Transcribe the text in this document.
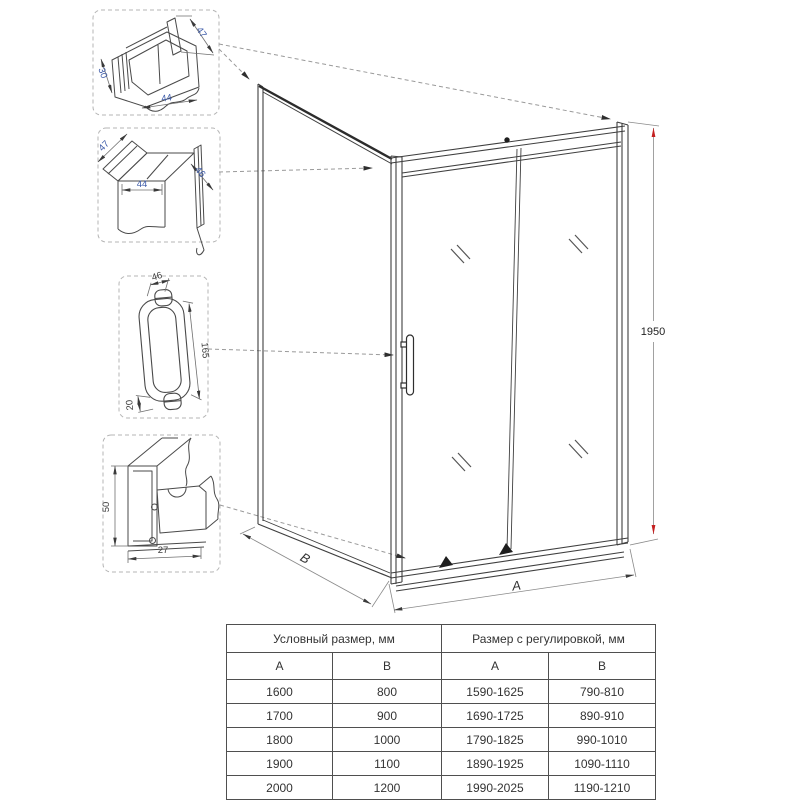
47
30
44
47
44
46
46
165
20
50
27
1950
A
B
Условный размер, мм		Размер с регулировкой, мм	
A	B	A	B
1600	800	1590-1625	790-810
1700	900	1690-1725	890-910
1800	1000	1790-1825	990-1010
1900	1100	1890-1925	1090-1110
2000	1200	1990-2025	1190-1210
